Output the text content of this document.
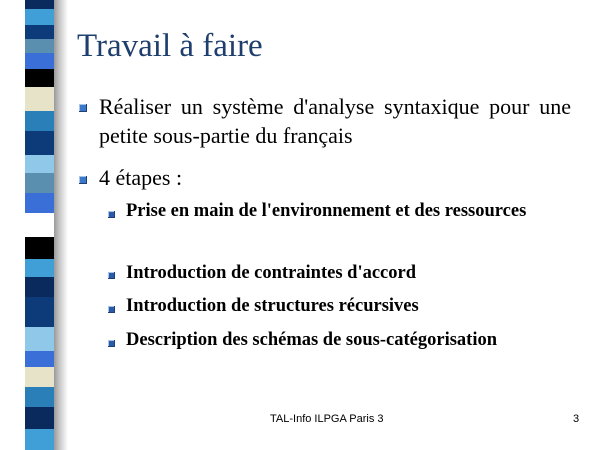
Travail à faire
Réaliser un système d'analyse syntaxique pour une petite sous-partie du français
4 étapes :
Prise en main de l'environnement et des ressources
Introduction de contraintes d'accord
Introduction de structures récursives
Description des schémas de sous-catégorisation
TAL-Info ILPGA Paris 3	3
